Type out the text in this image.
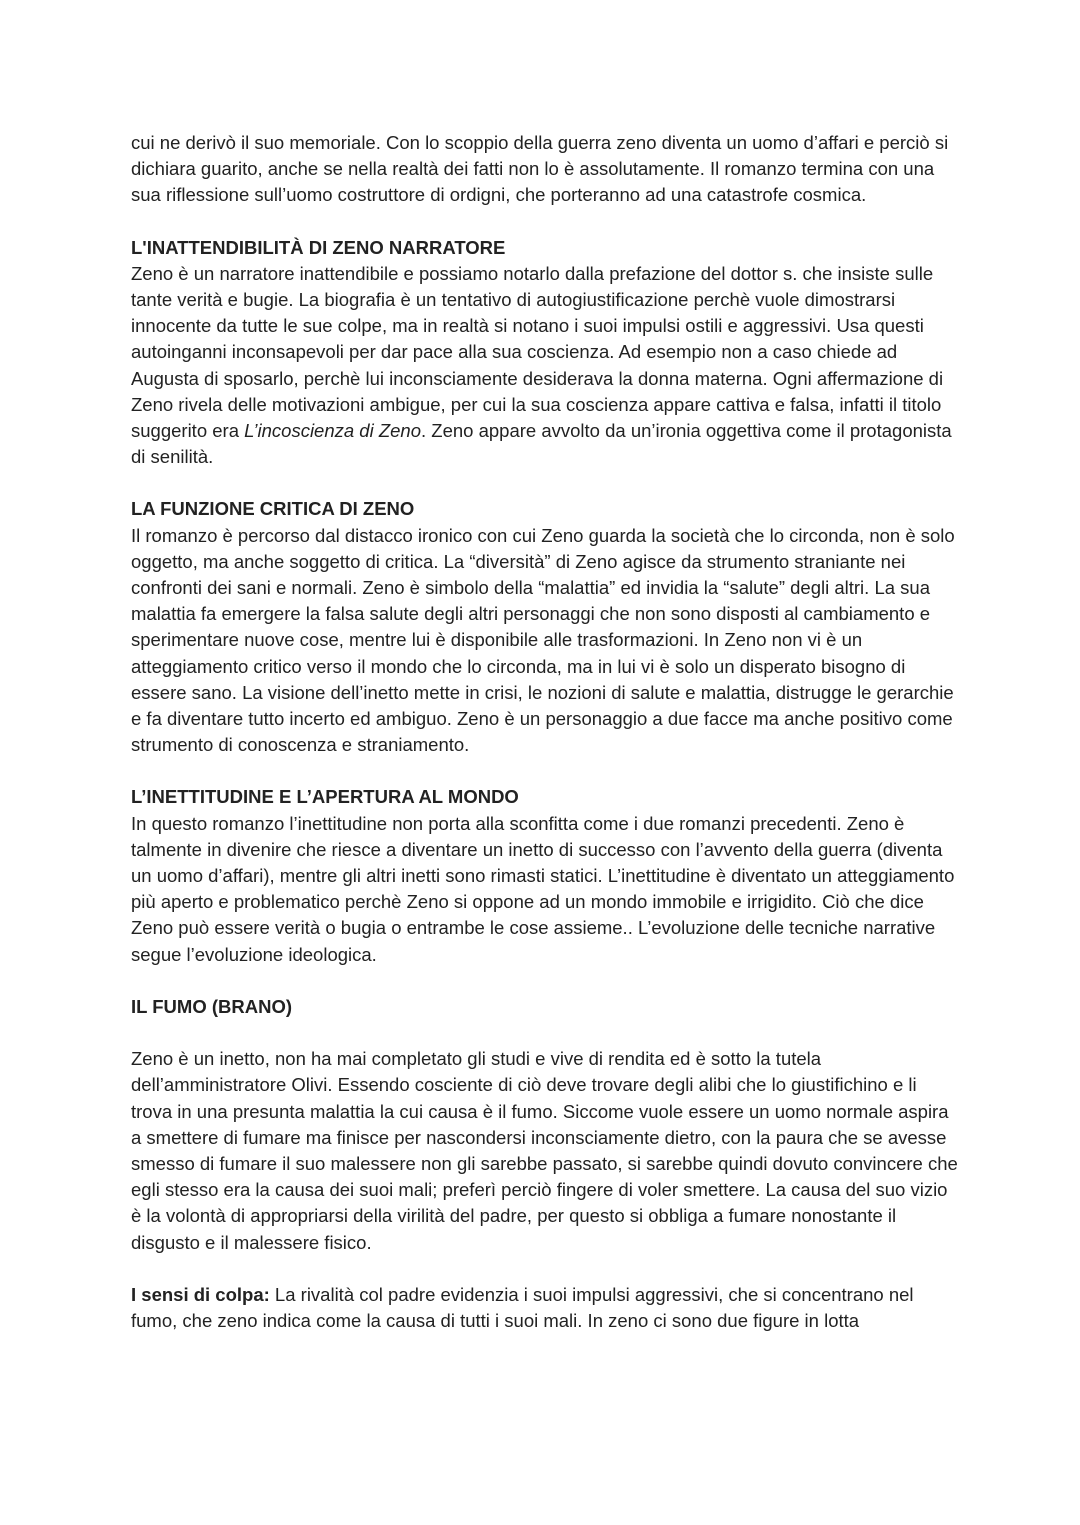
cui ne derivò il suo memoriale. Con lo scoppio della guerra zeno diventa un uomo d’affari e perciò si dichiara guarito, anche se nella realtà dei fatti non lo è assolutamente. Il romanzo termina con una sua riflessione sull’uomo costruttore di ordigni, che porteranno ad una catastrofe cosmica.

L'INATTENDIBILITÀ DI ZENO NARRATORE

Zeno è un narratore inattendibile e possiamo notarlo dalla prefazione del dottor s. che insiste sulle tante verità e bugie. La biografia è un tentativo di autogiustificazione perchè vuole dimostrarsi innocente da tutte le sue colpe, ma in realtà si notano i suoi impulsi ostili e aggressivi. Usa questi autoinganni inconsapevoli per dar pace alla sua coscienza. Ad esempio non a caso chiede ad Augusta di sposarlo, perchè lui inconsciamente desiderava la donna materna. Ogni affermazione di Zeno rivela delle motivazioni ambigue, per cui la sua coscienza appare cattiva e falsa, infatti il titolo suggerito era L’incoscienza di Zeno. Zeno appare avvolto da un’ironia oggettiva come il protagonista di senilità.

LA FUNZIONE CRITICA DI ZENO

Il romanzo è percorso dal distacco ironico con cui Zeno guarda la società che lo circonda, non è solo oggetto, ma anche soggetto di critica. La “diversità” di Zeno agisce da strumento straniante nei confronti dei sani e normali. Zeno è simbolo della “malattia” ed invidia la “salute” degli altri. La sua malattia fa emergere la falsa salute degli altri personaggi che non sono disposti al cambiamento e sperimentare nuove cose, mentre lui è disponibile alle trasformazioni. In Zeno non vi è un atteggiamento critico verso il mondo che lo circonda, ma in lui vi è solo un disperato bisogno di essere sano. La visione dell’inetto mette in crisi, le nozioni di salute e malattia, distrugge le gerarchie e fa diventare tutto incerto ed ambiguo. Zeno è un personaggio a due facce ma anche positivo come strumento di conoscenza e straniamento.

L’INETTITUDINE E L’APERTURA AL MONDO

In questo romanzo l’inettitudine non porta alla sconfitta come i due romanzi precedenti. Zeno è talmente in divenire che riesce a diventare un inetto di successo con l’avvento della guerra (diventa un uomo d’affari), mentre gli altri inetti sono rimasti statici. L’inettitudine è diventato un atteggiamento più aperto e problematico perchè Zeno si oppone ad un mondo immobile e irrigidito. Ciò che dice Zeno può essere verità o bugia o entrambe le cose assieme.. L’evoluzione delle tecniche narrative segue l’evoluzione ideologica.

IL FUMO (BRANO)

Zeno è un inetto, non ha mai completato gli studi e vive di rendita ed è sotto la tutela dell’amministratore Olivi. Essendo cosciente di ciò deve trovare degli alibi che lo giustifichino e li trova in una presunta malattia la cui causa è il fumo. Siccome vuole essere un uomo normale aspira a smettere di fumare ma finisce per nascondersi inconsciamente dietro, con la paura che se avesse smesso di fumare il suo malessere non gli sarebbe passato, si sarebbe quindi dovuto convincere che egli stesso era la causa dei suoi mali; preferì perciò fingere di voler smettere. La causa del suo vizio è la volontà di appropriarsi della virilità del padre, per questo si obbliga a fumare nonostante il disgusto e il malessere fisico.

I sensi di colpa: La rivalità col padre evidenzia i suoi impulsi aggressivi, che si concentrano nel fumo, che zeno indica come la causa di tutti i suoi mali. In zeno ci sono due figure in lotta
